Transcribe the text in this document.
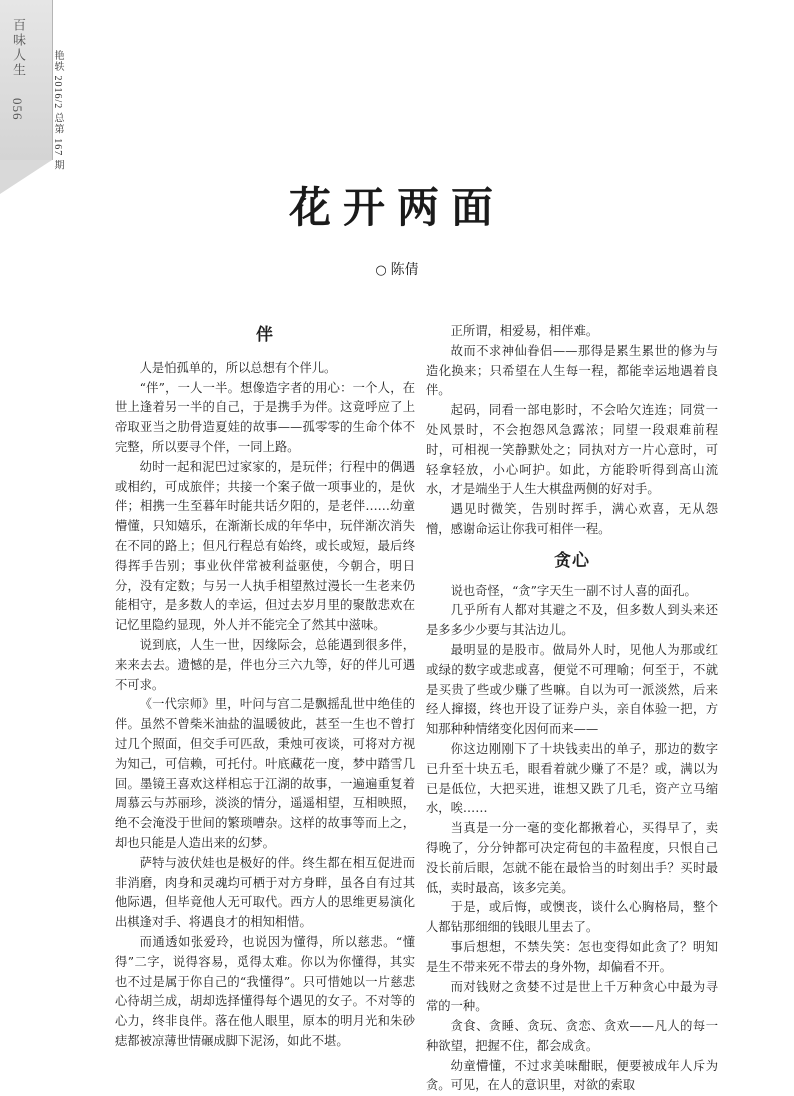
百味人生
056	艳轶 2016/2 总第 167 期
花开两面
○ 陈倩
伴

人是怕孤单的，所以总想有个伴儿。

“伴”，一人一半。想像造字者的用心：一个人，在世上逢着另一半的自己，于是携手为伴。这竟呼应了上帝取亚当之肋骨造夏娃的故事——孤零零的生命个体不完整，所以要寻个伴，一同上路。

幼时一起和泥巴过家家的，是玩伴；行程中的偶遇或相约，可成旅伴；共接一个案子做一项事业的，是伙伴；相携一生至暮年时能共话夕阳的，是老伴……幼童懵懂，只知嬉乐，在渐渐长成的年华中，玩伴渐次消失在不同的路上；但凡行程总有始终，或长或短，最后终得挥手告别；事业伙伴常被利益驱使，今朝合，明日分，没有定数；与另一人执手相望熬过漫长一生老来仍能相守，是多数人的幸运，但过去岁月里的聚散悲欢在记忆里隐约显现，外人并不能完全了然其中滋味。

说到底，人生一世，因缘际会，总能遇到很多伴，来来去去。遗憾的是，伴也分三六九等，好的伴儿可遇不可求。

《一代宗师》里，叶问与宫二是飘摇乱世中绝佳的伴。虽然不曾柴米油盐的温暖彼此，甚至一生也不曾打过几个照面，但交手可匹敌，秉烛可夜谈，可将对方视为知己，可信赖，可托付。叶底藏花一度，梦中踏雪几回。墨镜王喜欢这样相忘于江湖的故事，一遍遍重复着周慕云与苏丽珍，淡淡的情分，遥遥相望，互相映照，绝不会淹没于世间的繁琐嘈杂。这样的故事等而上之，却也只能是人造出来的幻梦。

萨特与波伏娃也是极好的伴。终生都在相互促进而非消磨，肉身和灵魂均可栖于对方身畔，虽各自有过其他际遇，但毕竟他人无可取代。西方人的思维更易演化出棋逢对手、将遇良才的相知相惜。

而通透如张爱玲，也说因为懂得，所以慈悲。“懂得”二字，说得容易，觅得太难。你以为你懂得，其实也不过是属于你自己的“我懂得”。只可惜她以一片慈悲心待胡兰成，胡却选择懂得每个遇见的女子。不对等的心力，终非良伴。落在他人眼里，原本的明月光和朱砂痣都被凉薄世情碾成脚下泥汤，如此不堪。

正所谓，相爱易，相伴难。

故而不求神仙眷侣——那得是累生累世的修为与造化换来；只希望在人生每一程，都能幸运地遇着良伴。

起码，同看一部电影时，不会哈欠连连；同赏一处风景时，不会抱怨风急露浓；同望一段艰难前程时，可相视一笑静默处之；同执对方一片心意时，可轻拿轻放，小心呵护。如此，方能聆听得到高山流水，才是端坐于人生大棋盘两侧的好对手。

遇见时微笑，告别时挥手，满心欢喜，无从怨憎，感谢命运让你我可相伴一程。

贪心

说也奇怪，“贪”字天生一副不讨人喜的面孔。

几乎所有人都对其避之不及，但多数人到头来还是多多少少要与其沾边儿。

最明显的是股市。做局外人时，见他人为那或红或绿的数字或悲或喜，便觉不可理喻；何至于，不就是买贵了些或少赚了些嘛。自以为可一派淡然，后来经人撺掇，终也开设了证券户头，亲自体验一把，方知那种种情绪变化因何而来——

你这边刚刚下了十块钱卖出的单子，那边的数字已升至十块五毛，眼看着就少赚了不是？或，满以为已是低位，大把买进，谁想又跌了几毛，资产立马缩水，唉……

当真是一分一毫的变化都揪着心，买得早了，卖得晚了，分分钟都可决定荷包的丰盈程度，只恨自己没长前后眼，怎就不能在最恰当的时刻出手？买时最低，卖时最高，该多完美。

于是，或后悔，或懊丧，谈什么心胸格局，整个人都钻那细细的钱眼儿里去了。

事后想想，不禁失笑：怎也变得如此贪了？明知是生不带来死不带去的身外物，却偏看不开。

而对钱财之贪婪不过是世上千万种贪心中最为寻常的一种。

贪食、贪睡、贪玩、贪恋、贪欢——凡人的每一种欲望，把握不住，都会成贪。

幼童懵懂，不过求美味酣眠，便要被成年人斥为贪。可见，在人的意识里，对欲的索取
